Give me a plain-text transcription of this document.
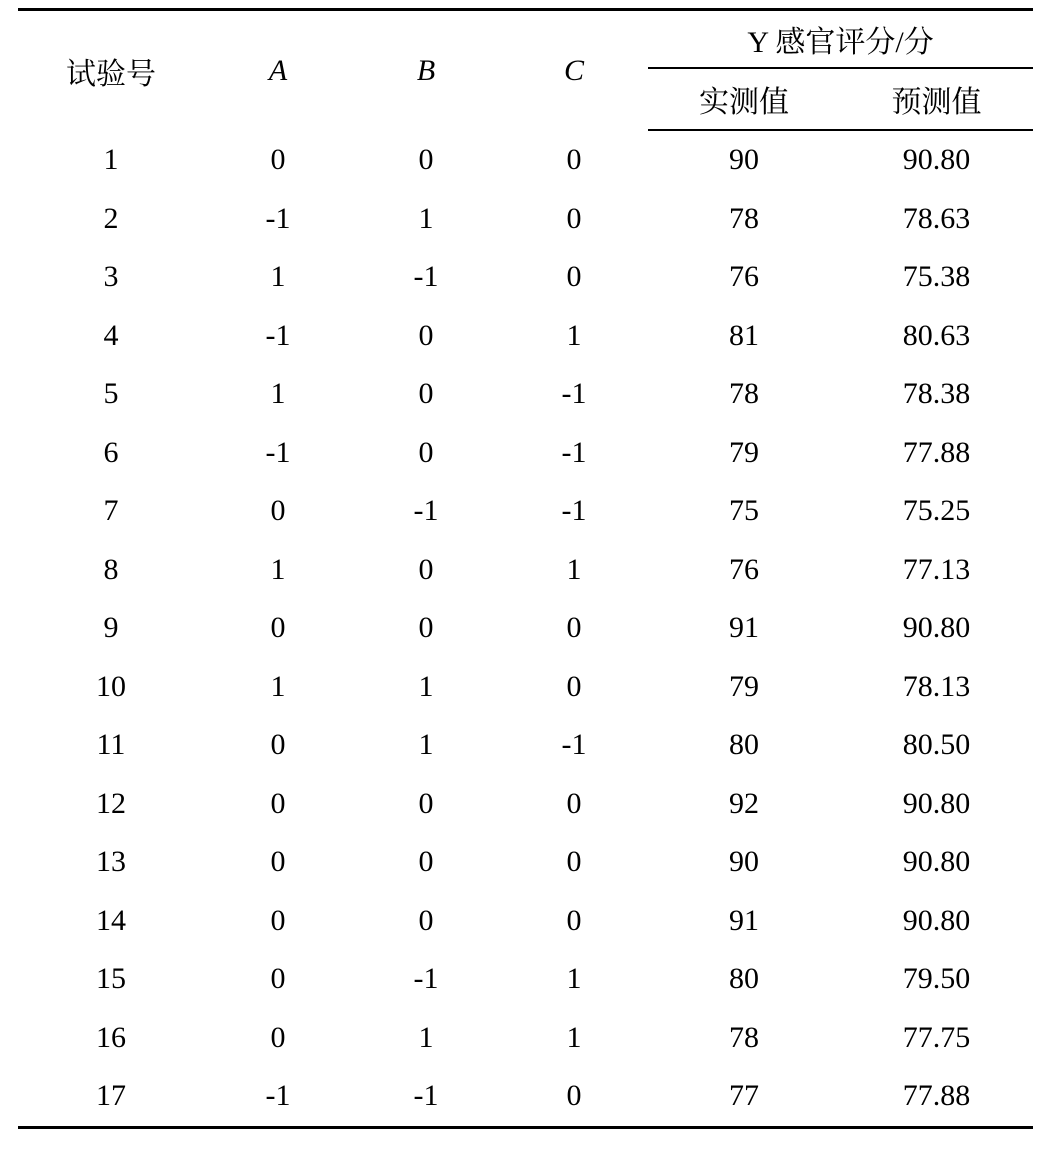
试验号	A	B	C	Y 感官评分/分	
				实测值	预测值
1	0	0	0	90	90.80
2	-1	1	0	78	78.63
3	1	-1	0	76	75.38
4	-1	0	1	81	80.63
5	1	0	-1	78	78.38
6	-1	0	-1	79	77.88
7	0	-1	-1	75	75.25
8	1	0	1	76	77.13
9	0	0	0	91	90.80
10	1	1	0	79	78.13
11	0	1	-1	80	80.50
12	0	0	0	92	90.80
13	0	0	0	90	90.80
14	0	0	0	91	90.80
15	0	-1	1	80	79.50
16	0	1	1	78	77.75
17	-1	-1	0	77	77.88
